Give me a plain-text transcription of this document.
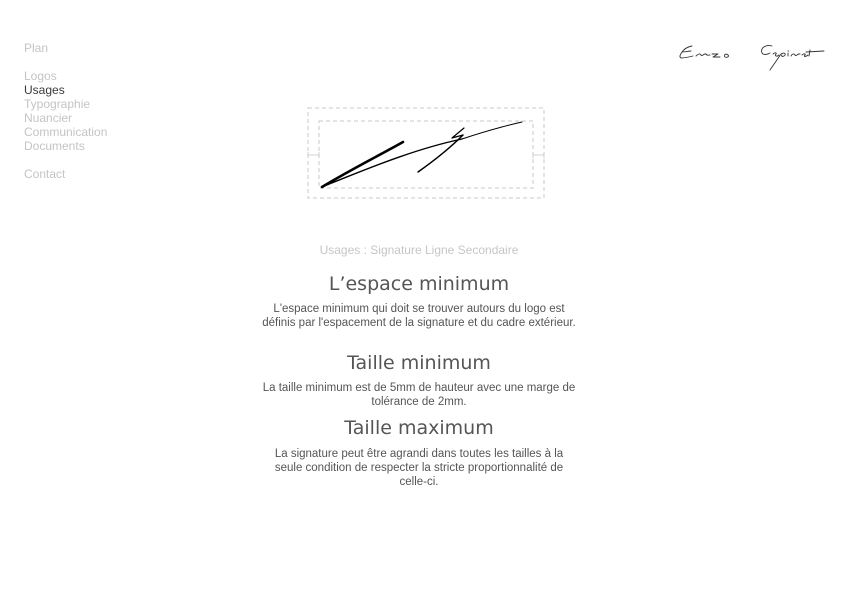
Plan
Logos
Usages
Typographie
Nuancier
Communication
Documents
Contact

Usages : Signature Ligne Secondaire

L’espace minimum

L'espace minimum qui doit se trouver autours du logo est définis par l'espacement de la signature et du cadre extérieur.

Taille minimum

La taille minimum est de 5mm de hauteur avec une marge de tolérance de 2mm.

Taille maximum

La signature peut être agrandi dans toutes les tailles à la seule condition de respecter la stricte proportionnalité de celle-ci.
